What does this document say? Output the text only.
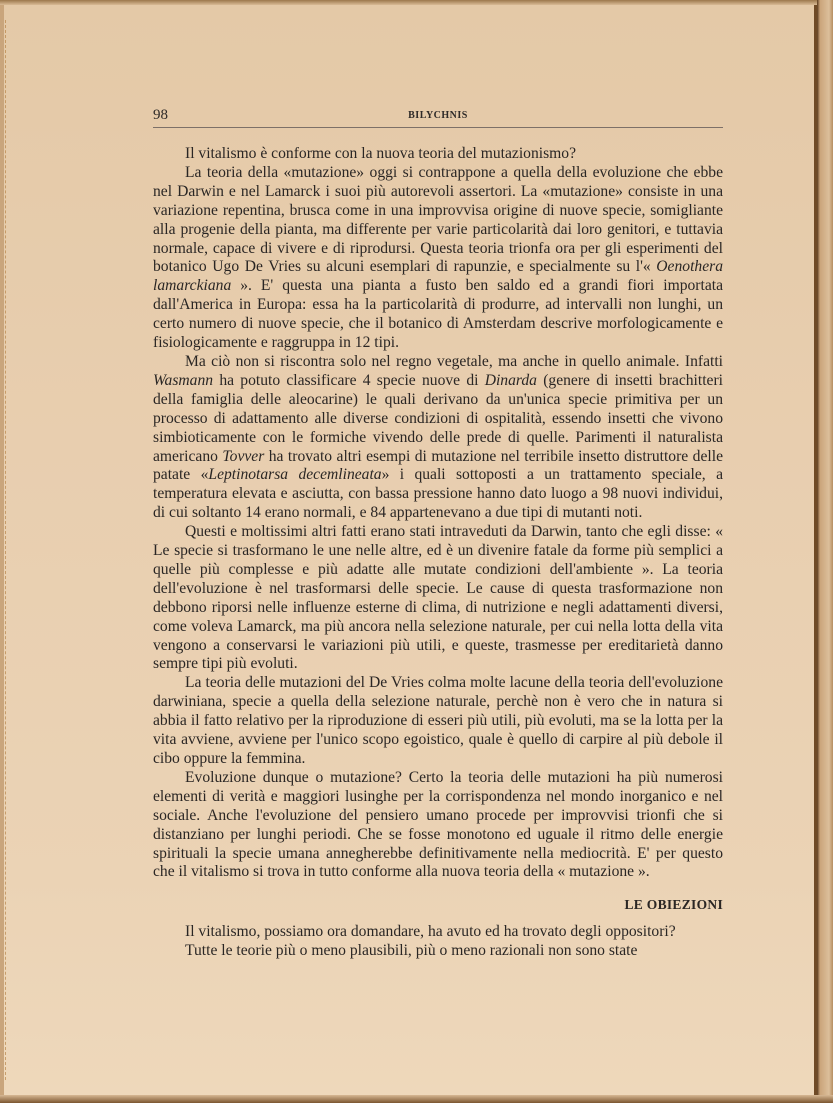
98	BILYCHNIS

Il vitalismo è conforme con la nuova teoria del mutazionismo?

La teoria della «mutazione» oggi si contrappone a quella della evoluzione che ebbe nel Darwin e nel Lamarck i suoi più autorevoli assertori. La «mutazione» consiste in una variazione repentina, brusca come in una improvvisa origine di nuove specie, somigliante alla progenie della pianta, ma differente per varie particolarità dai loro genitori, e tuttavia normale, capace di vivere e di riprodursi. Questa teoria trionfa ora per gli esperimenti del botanico Ugo De Vries su alcuni esemplari di rapunzie, e specialmente su l'« Oenothera lamarckiana ». E' questa una pianta a fusto ben saldo ed a grandi fiori importata dall'America in Europa: essa ha la particolarità di produrre, ad intervalli non lunghi, un certo numero di nuove specie, che il botanico di Amsterdam descrive morfologicamente e fisiologicamente e raggruppa in 12 tipi.

Ma ciò non si riscontra solo nel regno vegetale, ma anche in quello animale. Infatti Wasmann ha potuto classificare 4 specie nuove di Dinarda (genere di insetti brachitteri della famiglia delle aleocarine) le quali derivano da un'unica specie primitiva per un processo di adattamento alle diverse condizioni di ospitalità, essendo insetti che vivono simbioticamente con le formiche vivendo delle prede di quelle. Parimenti il naturalista americano Tovver ha trovato altri esempi di mutazione nel terribile insetto distruttore delle patate «Leptinotarsa decemlineata» i quali sottoposti a un trattamento speciale, a temperatura elevata e asciutta, con bassa pressione hanno dato luogo a 98 nuovi individui, di cui soltanto 14 erano normali, e 84 appartenevano a due tipi di mutanti noti.

Questi e moltissimi altri fatti erano stati intraveduti da Darwin, tanto che egli disse: « Le specie si trasformano le une nelle altre, ed è un divenire fatale da forme più semplici a quelle più complesse e più adatte alle mutate condizioni dell'ambiente ». La teoria dell'evoluzione è nel trasformarsi delle specie. Le cause di questa trasformazione non debbono riporsi nelle influenze esterne di clima, di nutrizione e negli adattamenti diversi, come voleva Lamarck, ma più ancora nella selezione naturale, per cui nella lotta della vita vengono a conservarsi le variazioni più utili, e queste, trasmesse per ereditarietà danno sempre tipi più evoluti.

La teoria delle mutazioni del De Vries colma molte lacune della teoria dell'evoluzione darwiniana, specie a quella della selezione naturale, perchè non è vero che in natura si abbia il fatto relativo per la riproduzione di esseri più utili, più evoluti, ma se la lotta per la vita avviene, avviene per l'unico scopo egoistico, quale è quello di carpire al più debole il cibo oppure la femmina.

Evoluzione dunque o mutazione? Certo la teoria delle mutazioni ha più numerosi elementi di verità e maggiori lusinghe per la corrispondenza nel mondo inorganico e nel sociale. Anche l'evoluzione del pensiero umano procede per improvvisi trionfi che si distanziano per lunghi periodi. Che se fosse monotono ed uguale il ritmo delle energie spirituali la specie umana annegherebbe definitivamente nella mediocrità. E' per questo che il vitalismo si trova in tutto conforme alla nuova teoria della « mutazione ».

LE OBIEZIONI

Il vitalismo, possiamo ora domandare, ha avuto ed ha trovato degli oppositori?

Tutte le teorie più o meno plausibili, più o meno razionali non sono state
